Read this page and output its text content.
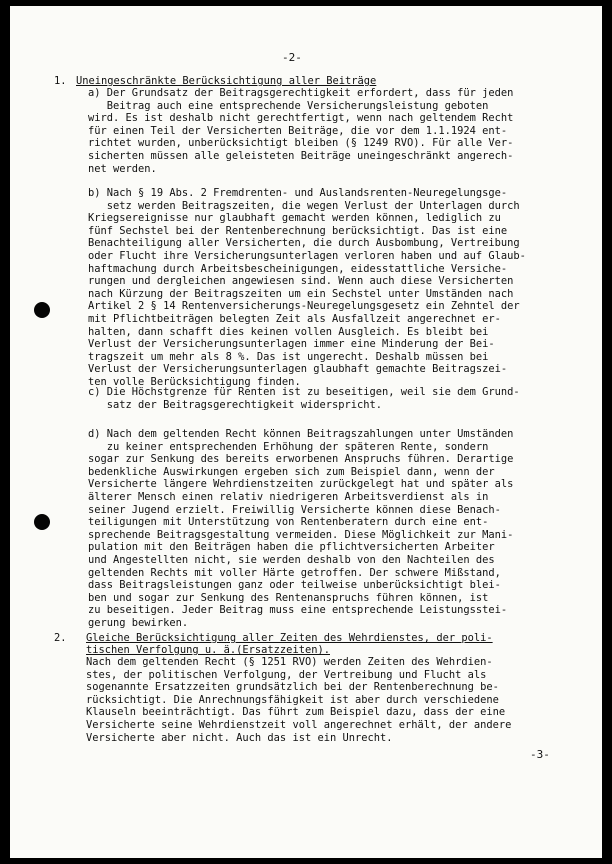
-2-
1. Uneingeschränkte Berücksichtigung aller Beiträge
a) Der Grundsatz der Beitragsgerechtigkeit erfordert, dass für jeden
Beitrag auch eine entsprechende Versicherungsleistung geboten
wird. Es ist deshalb nicht gerechtfertigt, wenn nach geltendem Recht
für einen Teil der Versicherten Beiträge, die vor dem 1.1.1924 ent-
richtet wurden, unberücksichtigt bleiben (§ 1249 RVO). Für alle Ver-
sicherten müssen alle geleisteten Beiträge uneingeschränkt angerech-
net werden.
b) Nach § 19 Abs. 2 Fremdrenten- und Auslandsrenten-Neuregelungsge-
setz werden Beitragszeiten, die wegen Verlust der Unterlagen durch
Kriegsereignisse nur glaubhaft gemacht werden können, lediglich zu
fünf Sechstel bei der Rentenberechnung berücksichtigt. Das ist eine
Benachteiligung aller Versicherten, die durch Ausbombung, Vertreibung
oder Flucht ihre Versicherungsunterlagen verloren haben und auf Glaub-
haftmachung durch Arbeitsbescheinigungen, eidesstattliche Versiche-
rungen und dergleichen angewiesen sind. Wenn auch diese Versicherten
nach Kürzung der Beitragszeiten um ein Sechstel unter Umständen nach
Artikel 2 § 14 Rentenversicherungs-Neuregelungsgesetz ein Zehntel der
mit Pflichtbeiträgen belegten Zeit als Ausfallzeit angerechnet er-
halten, dann schafft dies keinen vollen Ausgleich. Es bleibt bei
Verlust der Versicherungsunterlagen immer eine Minderung der Bei-
tragszeit um mehr als 8 %. Das ist ungerecht. Deshalb müssen bei
Verlust der Versicherungsunterlagen glaubhaft gemachte Beitragszei-
ten volle Berücksichtigung finden.
c) Die Höchstgrenze für Renten ist zu beseitigen, weil sie dem Grund-
satz der Beitragsgerechtigkeit widerspricht.
d) Nach dem geltenden Recht können Beitragszahlungen unter Umständen
zu keiner entsprechenden Erhöhung der späteren Rente, sondern
sogar zur Senkung des bereits erworbenen Anspruchs führen. Derartige
bedenkliche Auswirkungen ergeben sich zum Beispiel dann, wenn der
Versicherte längere Wehrdienstzeiten zurückgelegt hat und später als
älterer Mensch einen relativ niedrigeren Arbeitsverdienst als in
seiner Jugend erzielt. Freiwillig Versicherte können diese Benach-
teiligungen mit Unterstützung von Rentenberatern durch eine ent-
sprechende Beitragsgestaltung vermeiden. Diese Möglichkeit zur Mani-
pulation mit den Beiträgen haben die pflichtversicherten Arbeiter
und Angestellten nicht, sie werden deshalb von den Nachteilen des
geltenden Rechts mit voller Härte getroffen. Der schwere Mißstand,
dass Beitragsleistungen ganz oder teilweise unberücksichtigt blei-
ben und sogar zur Senkung des Rentenanspruchs führen können, ist
zu beseitigen. Jeder Beitrag muss eine entsprechende Leistungsstei-
gerung bewirken.
2. Gleiche Berücksichtigung aller Zeiten des Wehrdienstes, der poli-
tischen Verfolgung u. ä.(Ersatzzeiten).
Nach dem geltenden Recht (§ 1251 RVO) werden Zeiten des Wehrdien-
stes, der politischen Verfolgung, der Vertreibung und Flucht als
sogenannte Ersatzzeiten grundsätzlich bei der Rentenberechnung be-
rücksichtigt. Die Anrechnungsfähigkeit ist aber durch verschiedene
Klauseln beeinträchtigt. Das führt zum Beispiel dazu, dass der eine
Versicherte seine Wehrdienstzeit voll angerechnet erhält, der andere
Versicherte aber nicht. Auch das ist ein Unrecht.
-3-
